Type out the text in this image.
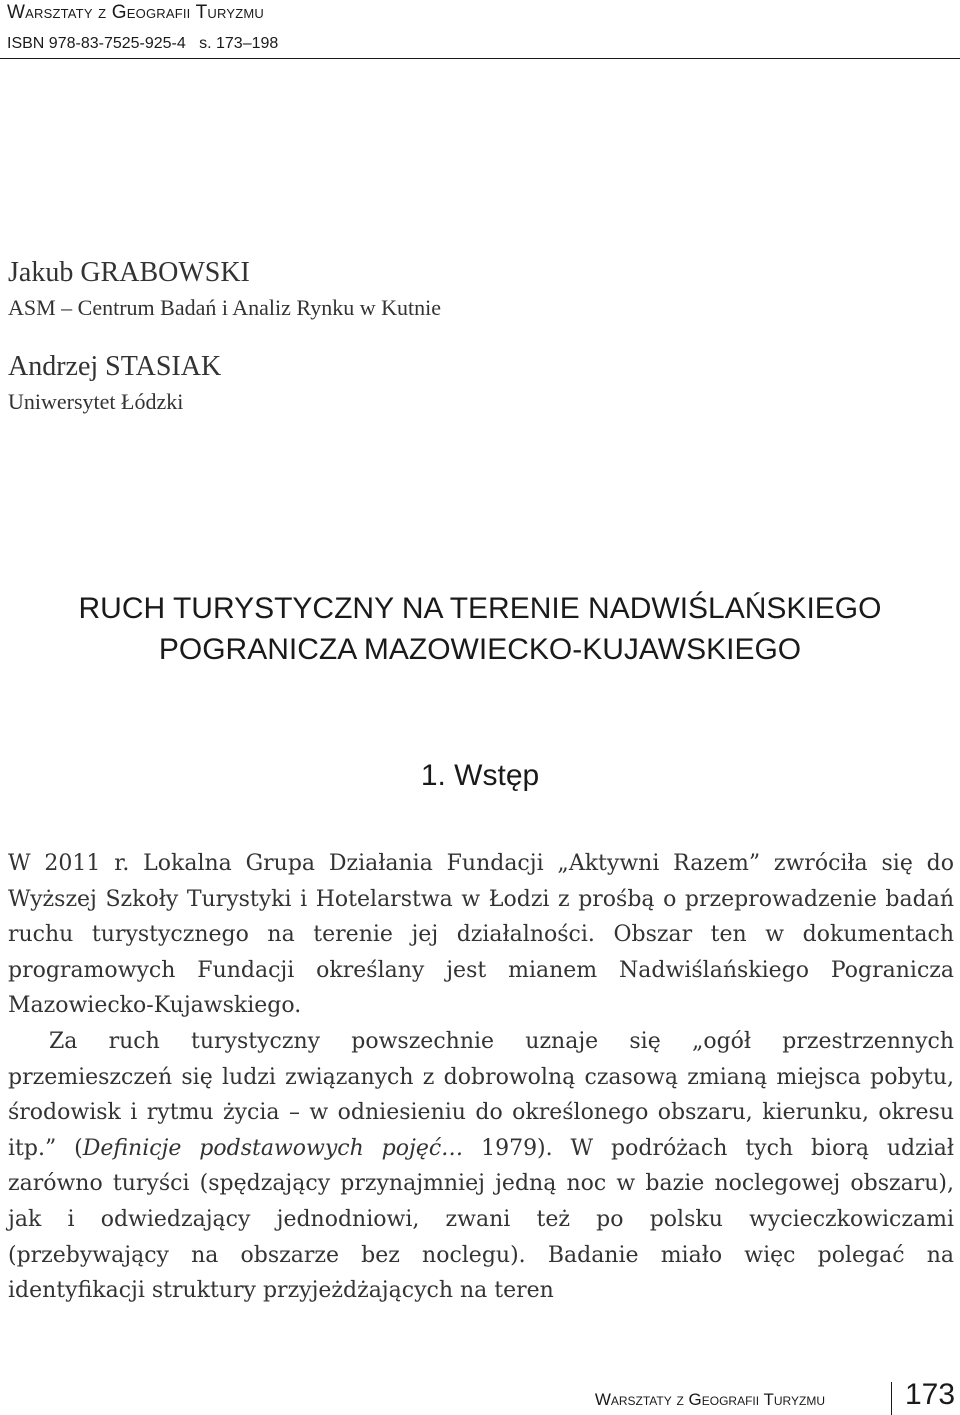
Warsztaty z Geografii Turyzmu
ISBN 978-83-7525-925-4   s. 173–198
Jakub GRABOWSKI
ASM – Centrum Badań i Analiz Rynku w Kutnie
Andrzej STASIAK
Uniwersytet Łódzki
RUCH TURYSTYCZNY NA TERENIE NADWIŚLAŃSKIEGO
POGRANICZA MAZOWIECKO-KUJAWSKIEGO
1. Wstęp

W 2011 r. Lokalna Grupa Działania Fundacji „Aktywni Razem” zwróciła się do Wyższej Szkoły Turystyki i Hotelarstwa w Łodzi z prośbą o przeprowadzenie badań ruchu turystycznego na terenie jej działalności. Obszar ten w dokumentach programowych Fundacji określany jest mianem Nadwiślańskiego Pogranicza Mazowiecko-Kujawskiego.

Za ruch turystyczny powszechnie uznaje się „ogół przestrzennych przemieszczeń się ludzi związanych z dobrowolną czasową zmianą miejsca pobytu, środowisk i rytmu życia – w odniesieniu do określonego obszaru, kierunku, okresu itp.” (Definicje podstawowych pojęć… 1979). W podróżach tych biorą udział zarówno turyści (spędzający przynajmniej jedną noc w bazie noclegowej obszaru), jak i odwiedzający jednodniowi, zwani też po polsku wycieczkowiczami (przebywający na obszarze bez noclegu). Badanie miało więc polegać na identyfikacji struktury przyjeżdżających na teren

Warsztaty z Geografii Turyzmu	173
